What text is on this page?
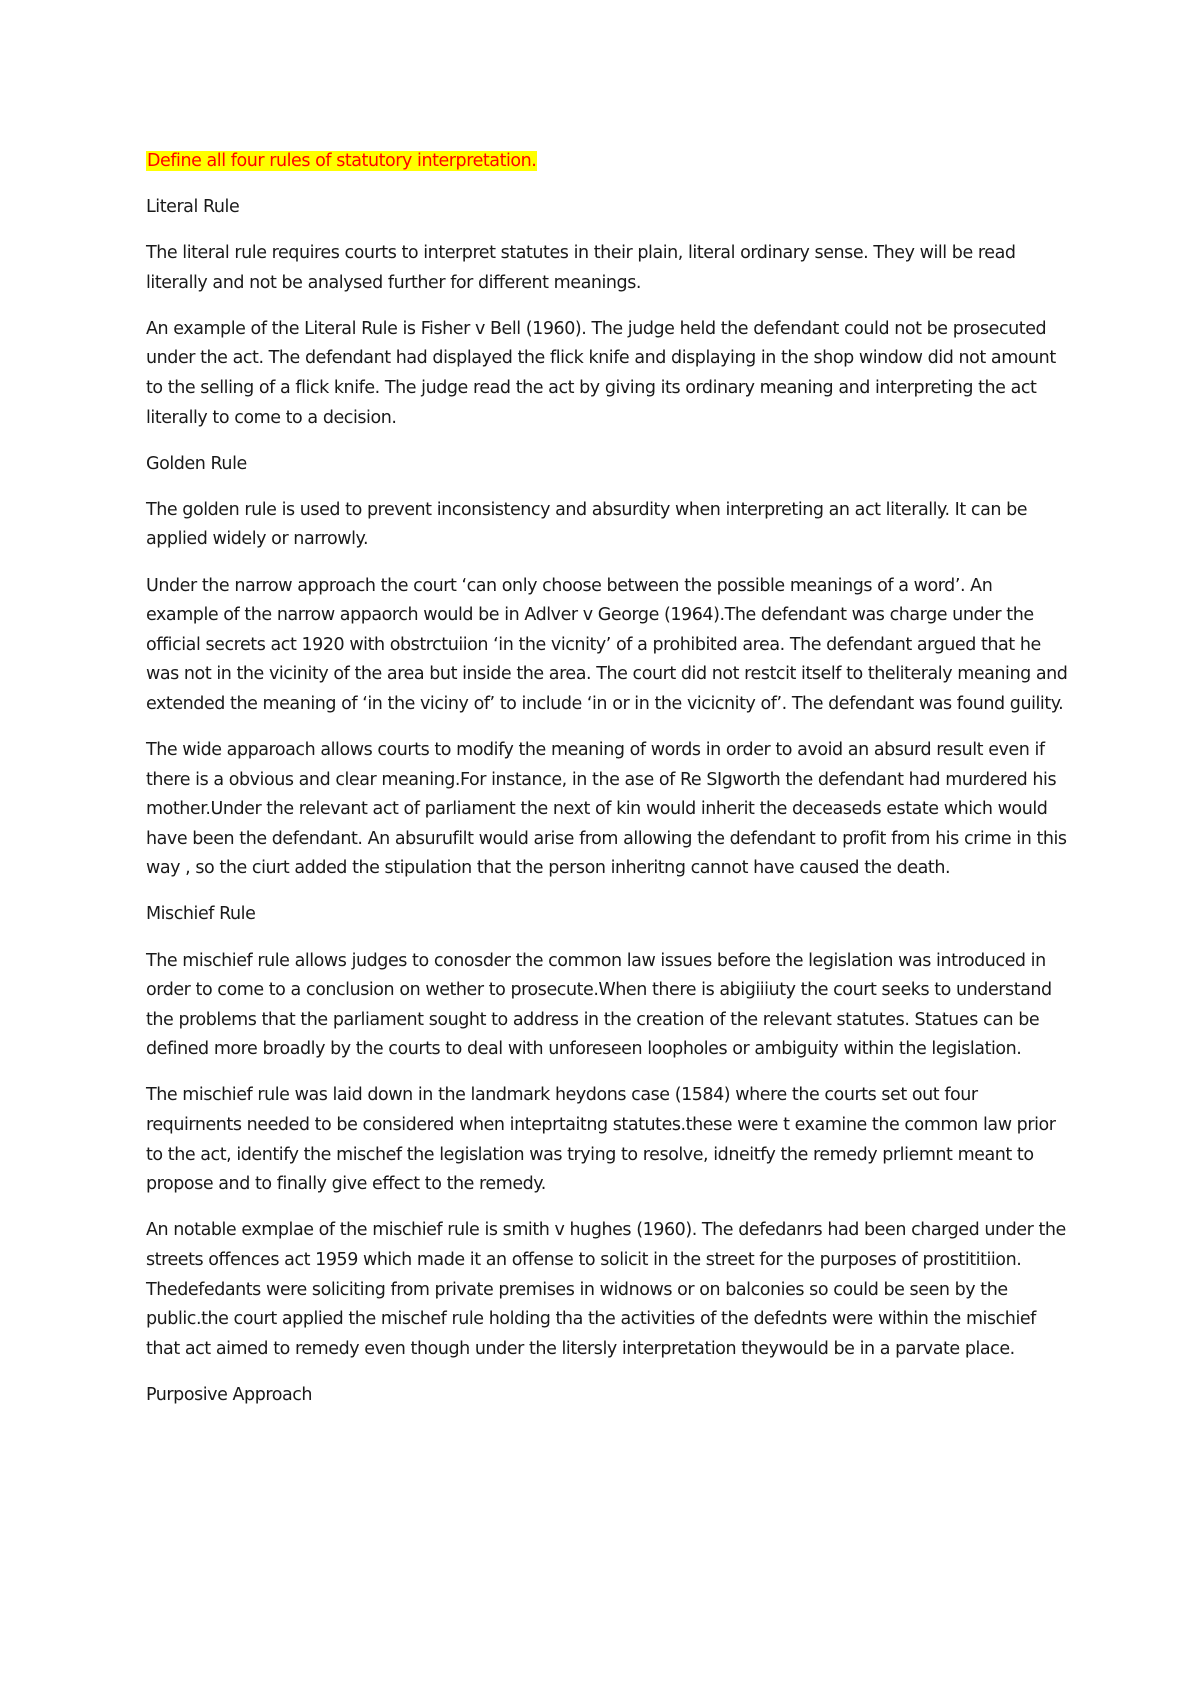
Define all four rules of statutory interpretation.

Literal Rule

The literal rule requires courts to interpret statutes in their plain, literal ordinary sense. They will be read literally and not be analysed further for different meanings.

An example of the Literal Rule is Fisher v Bell (1960). The judge held the defendant could not be prosecuted under the act. The defendant had displayed the flick knife and displaying in the shop window did not amount to the selling of a flick knife. The judge read the act by giving its ordinary meaning and interpreting the act literally to come to a decision.

Golden Rule

The golden rule is used to prevent inconsistency and absurdity when interpreting an act literally. It can be applied widely or narrowly.

Under the narrow approach the court ‘can only choose between the possible meanings of a word’. An example of the narrow appaorch would be in Adlver v George (1964).The defendant was charge under the official secrets act 1920 with obstrctuiion ‘in the vicnity’ of a prohibited area. The defendant argued that he was not in the vicinity of the area but inside the area. The court did not restcit itself to theliteraly meaning and extended the meaning of ‘in the viciny of’ to include ‘in or in the vicicnity of’. The defendant was found guility.

The wide apparoach allows courts to modify the meaning of words in order to avoid an absurd result even if there is a obvious and clear meaning.For instance, in the ase of Re SIgworth the defendant had murdered his mother.Under the relevant act of parliament the next of kin would inherit the deceaseds estate which would have been the defendant. An absurufilt would arise from allowing the defendant to profit from his crime in this way , so the ciurt added the stipulation that the person inheritng cannot have caused the death.

Mischief Rule

The mischief rule allows judges to conosder the common law issues before the legislation was introduced in order to come to a conclusion on wether to prosecute.When there is abigiiiuty the court seeks to understand the problems that the parliament sought to address in the creation of the relevant statutes. Statues can be defined more broadly by the courts to deal with unforeseen loopholes or ambiguity within the legislation.

The mischief rule was laid down in the landmark heydons case (1584) where the courts set out four requirnents needed to be considered when inteprtaitng statutes.these were t examine the common law prior to the act, identify the mischef the legislation was trying to resolve, idneitfy the remedy prliemnt meant to propose and to finally give effect to the remedy.

An notable exmplae of the mischief rule is smith v hughes (1960). The defedanrs had been charged under the streets offences act 1959 which made it an offense to solicit in the street for the purposes of prostititiion. Thedefedants were soliciting from private premises in widnows or on balconies so could be seen by the public.the court applied the mischef rule holding tha the activities of the defednts were within the mischief that act aimed to remedy even though under the litersly interpretation theywould be in a parvate place.

Purposive Approach
